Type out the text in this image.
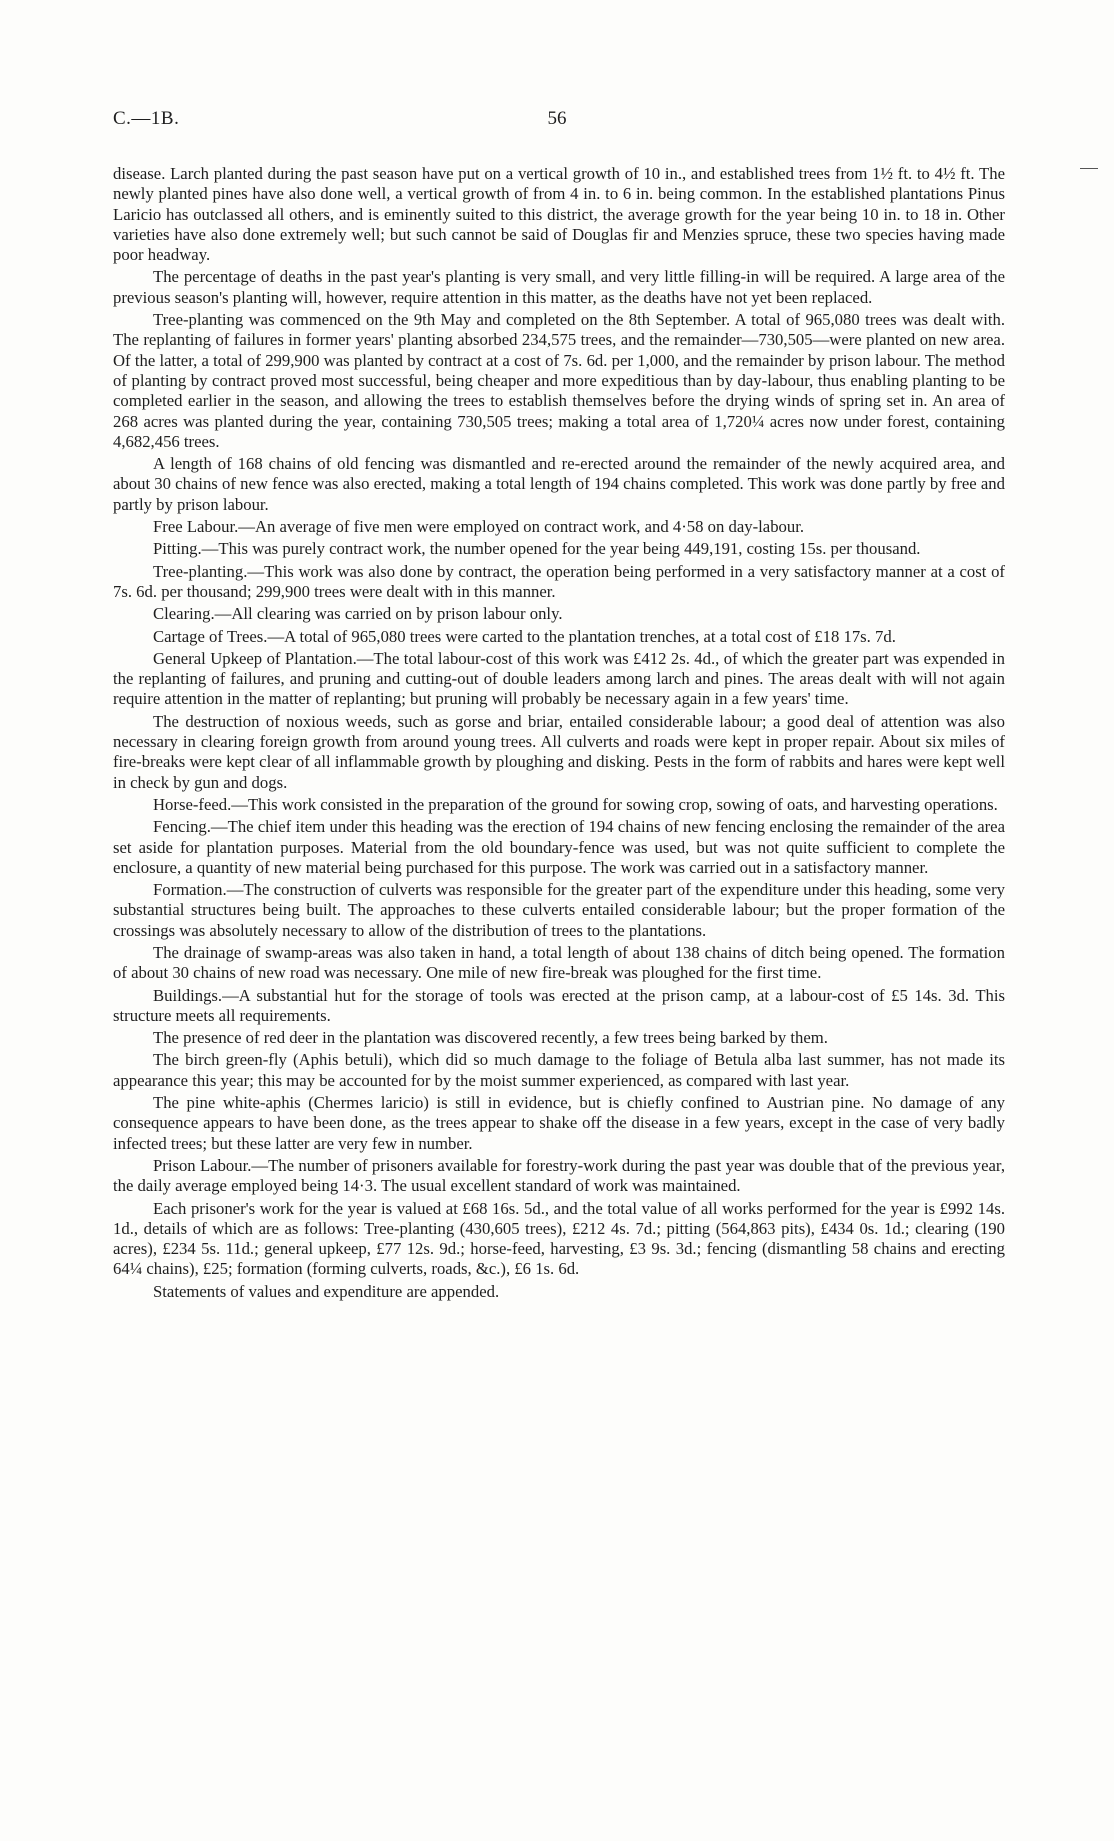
C.—1B.	56

disease. Larch planted during the past season have put on a vertical growth of 10 in., and established trees from 1½ ft. to 4½ ft. The newly planted pines have also done well, a vertical growth of from 4 in. to 6 in. being common. In the established plantations Pinus Laricio has outclassed all others, and is eminently suited to this district, the average growth for the year being 10 in. to 18 in. Other varieties have also done extremely well; but such cannot be said of Douglas fir and Menzies spruce, these two species having made poor headway.

The percentage of deaths in the past year's planting is very small, and very little filling-in will be required. A large area of the previous season's planting will, however, require attention in this matter, as the deaths have not yet been replaced.

Tree-planting was commenced on the 9th May and completed on the 8th September. A total of 965,080 trees was dealt with. The replanting of failures in former years' planting absorbed 234,575 trees, and the remainder—730,505—were planted on new area. Of the latter, a total of 299,900 was planted by contract at a cost of 7s. 6d. per 1,000, and the remainder by prison labour. The method of planting by contract proved most successful, being cheaper and more expeditious than by day-labour, thus enabling planting to be completed earlier in the season, and allowing the trees to establish themselves before the drying winds of spring set in. An area of 268 acres was planted during the year, containing 730,505 trees; making a total area of 1,720¼ acres now under forest, containing 4,682,456 trees.

A length of 168 chains of old fencing was dismantled and re-erected around the remainder of the newly acquired area, and about 30 chains of new fence was also erected, making a total length of 194 chains completed. This work was done partly by free and partly by prison labour.

Free Labour.—An average of five men were employed on contract work, and 4·58 on day-labour.

Pitting.—This was purely contract work, the number opened for the year being 449,191, costing 15s. per thousand.

Tree-planting.—This work was also done by contract, the operation being performed in a very satisfactory manner at a cost of 7s. 6d. per thousand; 299,900 trees were dealt with in this manner.

Clearing.—All clearing was carried on by prison labour only.

Cartage of Trees.—A total of 965,080 trees were carted to the plantation trenches, at a total cost of £18 17s. 7d.

General Upkeep of Plantation.—The total labour-cost of this work was £412 2s. 4d., of which the greater part was expended in the replanting of failures, and pruning and cutting-out of double leaders among larch and pines. The areas dealt with will not again require attention in the matter of replanting; but pruning will probably be necessary again in a few years' time.

The destruction of noxious weeds, such as gorse and briar, entailed considerable labour; a good deal of attention was also necessary in clearing foreign growth from around young trees. All culverts and roads were kept in proper repair. About six miles of fire-breaks were kept clear of all inflammable growth by ploughing and disking. Pests in the form of rabbits and hares were kept well in check by gun and dogs.

Horse-feed.—This work consisted in the preparation of the ground for sowing crop, sowing of oats, and harvesting operations.

Fencing.—The chief item under this heading was the erection of 194 chains of new fencing enclosing the remainder of the area set aside for plantation purposes. Material from the old boundary-fence was used, but was not quite sufficient to complete the enclosure, a quantity of new material being purchased for this purpose. The work was carried out in a satisfactory manner.

Formation.—The construction of culverts was responsible for the greater part of the expenditure under this heading, some very substantial structures being built. The approaches to these culverts entailed considerable labour; but the proper formation of the crossings was absolutely necessary to allow of the distribution of trees to the plantations.

The drainage of swamp-areas was also taken in hand, a total length of about 138 chains of ditch being opened. The formation of about 30 chains of new road was necessary. One mile of new fire-break was ploughed for the first time.

Buildings.—A substantial hut for the storage of tools was erected at the prison camp, at a labour-cost of £5 14s. 3d. This structure meets all requirements.

The presence of red deer in the plantation was discovered recently, a few trees being barked by them.

The birch green-fly (Aphis betuli), which did so much damage to the foliage of Betula alba last summer, has not made its appearance this year; this may be accounted for by the moist summer experienced, as compared with last year.

The pine white-aphis (Chermes laricio) is still in evidence, but is chiefly confined to Austrian pine. No damage of any consequence appears to have been done, as the trees appear to shake off the disease in a few years, except in the case of very badly infected trees; but these latter are very few in number.

Prison Labour.—The number of prisoners available for forestry-work during the past year was double that of the previous year, the daily average employed being 14·3. The usual excellent standard of work was maintained.

Each prisoner's work for the year is valued at £68 16s. 5d., and the total value of all works performed for the year is £992 14s. 1d., details of which are as follows: Tree-planting (430,605 trees), £212 4s. 7d.; pitting (564,863 pits), £434 0s. 1d.; clearing (190 acres), £234 5s. 11d.; general upkeep, £77 12s. 9d.; horse-feed, harvesting, £3 9s. 3d.; fencing (dismantling 58 chains and erecting 64¼ chains), £25; formation (forming culverts, roads, &c.), £6 1s. 6d.

Statements of values and expenditure are appended.
